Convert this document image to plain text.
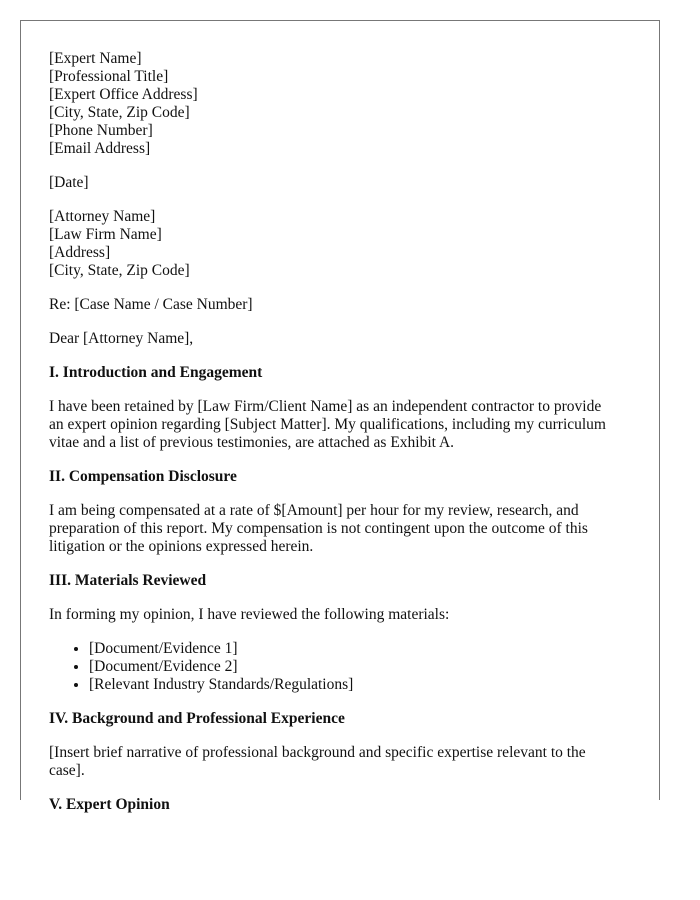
[Expert Name]
[Professional Title]
[Expert Office Address]
[City, State, Zip Code]
[Phone Number]
[Email Address]
[Date]
[Attorney Name]
[Law Firm Name]
[Address]
[City, State, Zip Code]
Re: [Case Name / Case Number]
Dear [Attorney Name],
I. Introduction and Engagement
I have been retained by [Law Firm/Client Name] as an independent contractor to provide
an expert opinion regarding [Subject Matter]. My qualifications, including my curriculum
vitae and a list of previous testimonies, are attached as Exhibit A.
II. Compensation Disclosure
I am being compensated at a rate of $[Amount] per hour for my review, research, and
preparation of this report. My compensation is not contingent upon the outcome of this
litigation or the opinions expressed herein.
III. Materials Reviewed
In forming my opinion, I have reviewed the following materials:
• [Document/Evidence 1]
• [Document/Evidence 2]
• [Relevant Industry Standards/Regulations]
IV. Background and Professional Experience
[Insert brief narrative of professional background and specific expertise relevant to the
case].
V. Expert Opinion
